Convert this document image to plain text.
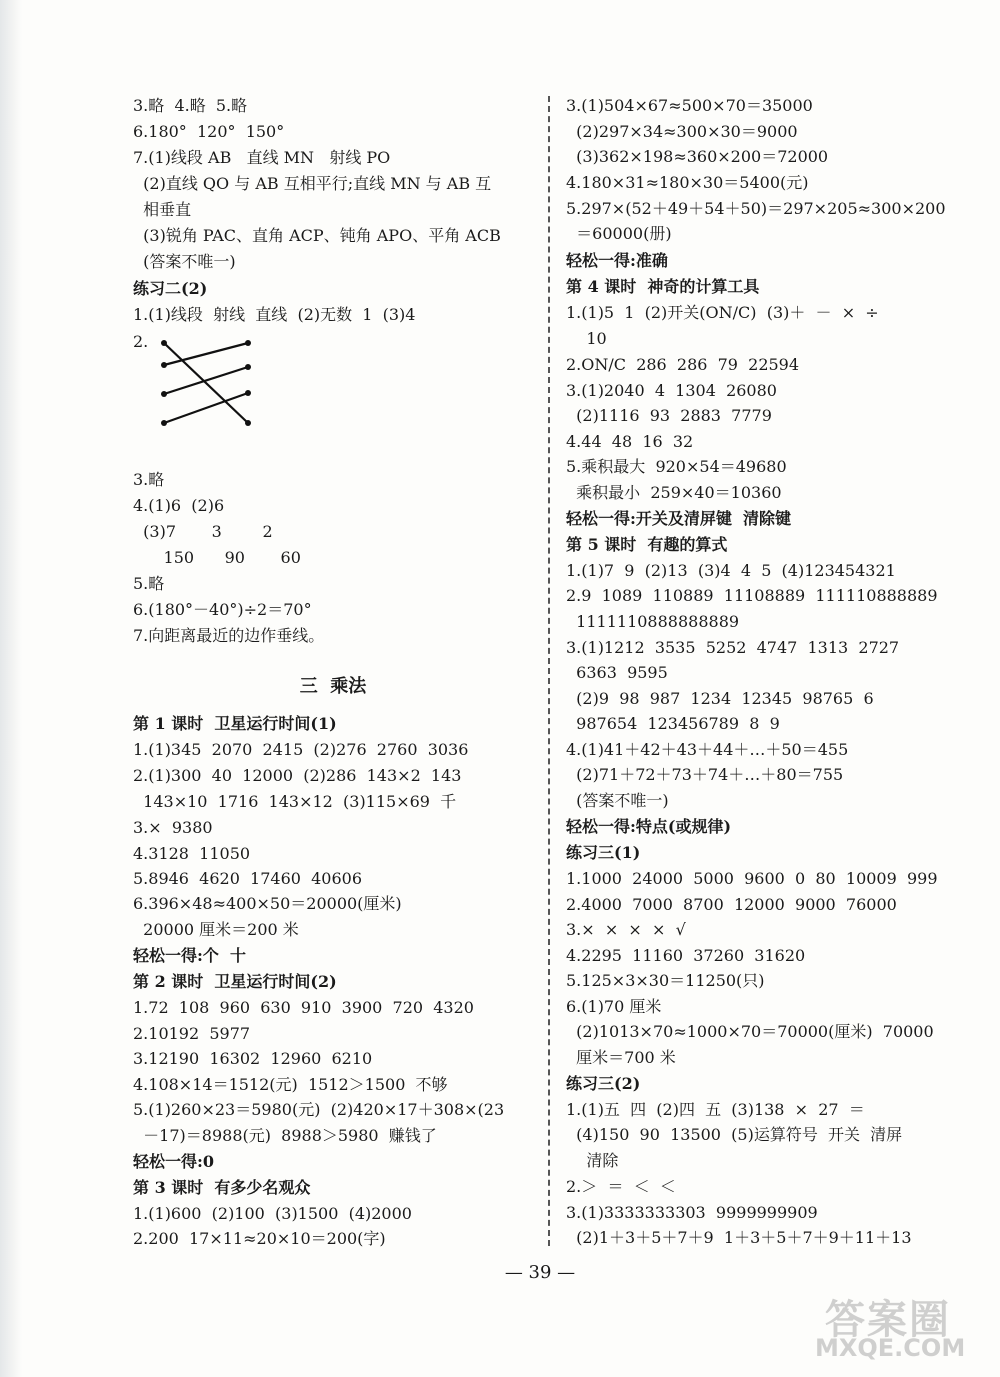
3.略  4.略  5.略
6.180°  120°  150°
7.(1)线段 AB   直线 MN   射线 PO
(2)直线 QO 与 AB 互相平行;直线 MN 与 AB 互
相垂直
(3)锐角 PAC、直角 ACP、钝角 APO、平角 ACB
(答案不唯一)
练习二(2)
1.(1)线段  射线  直线  (2)无数  1  (3)4
2.
3.略
4.(1)6  (2)6
(3)7       3        2
150      90       60
5.略
6.(180°－40°)÷2＝70°
7.向距离最近的边作垂线。
三  乘法
第 1 课时  卫星运行时间(1)
1.(1)345  2070  2415  (2)276  2760  3036
2.(1)300  40  12000  (2)286  143×2  143
143×10  1716  143×12  (3)115×69  千
3.×  9380
4.3128  11050
5.8946  4620  17460  40606
6.396×48≈400×50＝20000(厘米)
20000 厘米＝200 米
轻松一得:个  十
第 2 课时  卫星运行时间(2)
1.72  108  960  630  910  3900  720  4320
2.10192  5977
3.12190  16302  12960  6210
4.108×14＝1512(元)  1512＞1500  不够
5.(1)260×23＝5980(元)  (2)420×17＋308×(23
－17)＝8988(元)  8988＞5980  赚钱了
轻松一得:0
第 3 课时  有多少名观众
1.(1)600  (2)100  (3)1500  (4)2000
2.200  17×11≈20×10＝200(字)
3.(1)504×67≈500×70＝35000
(2)297×34≈300×30＝9000
(3)362×198≈360×200＝72000
4.180×31≈180×30＝5400(元)
5.297×(52＋49＋54＋50)＝297×205≈300×200
＝60000(册)
轻松一得:准确
第 4 课时  神奇的计算工具
1.(1)5  1  (2)开关(ON/C)  (3)＋  －  ×  ÷
10
2.ON/C  286  286  79  22594
3.(1)2040  4  1304  26080
(2)1116  93  2883  7779
4.44  48  16  32
5.乘积最大  920×54＝49680
乘积最小  259×40＝10360
轻松一得:开关及清屏键  清除键
第 5 课时  有趣的算式
1.(1)7  9  (2)13  (3)4  4  5  (4)123454321
2.9  1089  110889  11108889  111110888889
1111110888888889
3.(1)1212  3535  5252  4747  1313  2727
6363  9595
(2)9  98  987  1234  12345  98765  6
987654  123456789  8  9
4.(1)41＋42＋43＋44＋…＋50＝455
(2)71＋72＋73＋74＋…＋80＝755
(答案不唯一)
轻松一得:特点(或规律)
练习三(1)
1.1000  24000  5000  9600  0  80  10009  999
2.4000  7000  8700  12000  9000  76000
3.×  ×  ×  ×  √
4.2295  11160  37260  31620
5.125×3×30＝11250(只)
6.(1)70 厘米
(2)1013×70≈1000×70＝70000(厘米)  70000
厘米＝700 米
练习三(2)
1.(1)五  四  (2)四  五  (3)138  ×  27  ＝
(4)150  90  13500  (5)运算符号  开关  清屏
清除
2.＞  ＝  ＜  ＜
3.(1)3333333303  9999999909
(2)1＋3＋5＋7＋9  1＋3＋5＋7＋9＋11＋13
— 39 —
答案圈
MXQE.COM
